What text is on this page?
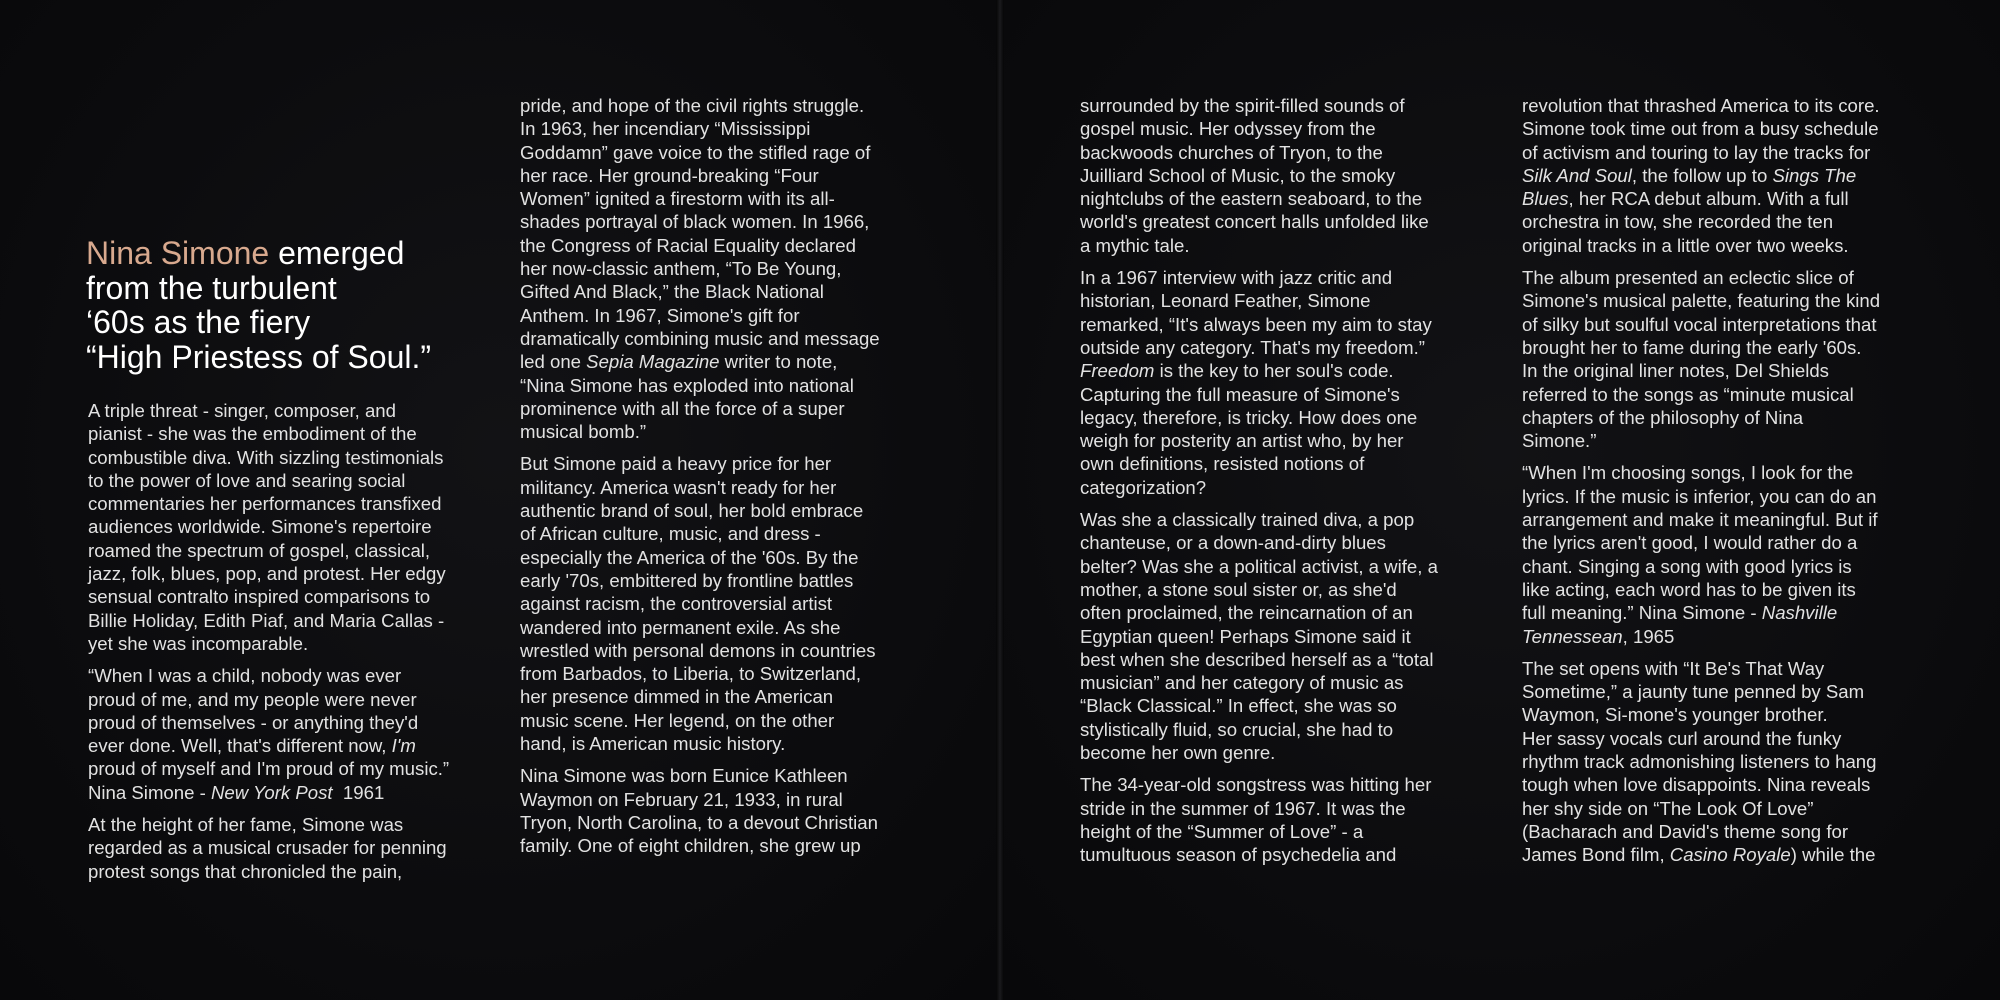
Nina Simone emerged
from the turbulent
‘60s as the fiery
“High Priestess of Soul.”

A triple threat - singer, composer, and
pianist - she was the embodiment of the
combustible diva. With sizzling testimonials
to the power of love and searing social
commentaries her performances transfixed
audiences worldwide. Simone's repertoire
roamed the spectrum of gospel, classical,
jazz, folk, blues, pop, and protest. Her edgy
sensual contralto inspired comparisons to
Billie Holiday, Edith Piaf, and Maria Callas -
yet she was incomparable.

“When I was a child, nobody was ever
proud of me, and my people were never
proud of themselves - or anything they'd
ever done. Well, that's different now, I'm
proud of myself and I'm proud of my music.”
Nina Simone - New York Post  1961

At the height of her fame, Simone was
regarded as a musical crusader for penning
protest songs that chronicled the pain,

pride, and hope of the civil rights struggle.
In 1963, her incendiary “Mississippi
Goddamn” gave voice to the stifled rage of
her race. Her ground-breaking “Four
Women” ignited a firestorm with its all-
shades portrayal of black women. In 1966,
the Congress of Racial Equality declared
her now-classic anthem, “To Be Young,
Gifted And Black,” the Black National
Anthem. In 1967, Simone's gift for
dramatically combining music and message
led one Sepia Magazine writer to note,
“Nina Simone has exploded into national
prominence with all the force of a super
musical bomb.”

But Simone paid a heavy price for her
militancy. America wasn't ready for her
authentic brand of soul, her bold embrace
of African culture, music, and dress -
especially the America of the '60s. By the
early '70s, embittered by frontline battles
against racism, the controversial artist
wandered into permanent exile. As she
wrestled with personal demons in countries
from Barbados, to Liberia, to Switzerland,
her presence dimmed in the American
music scene. Her legend, on the other
hand, is American music history.

Nina Simone was born Eunice Kathleen
Waymon on February 21, 1933, in rural
Tryon, North Carolina, to a devout Christian
family. One of eight children, she grew up

surrounded by the spirit-filled sounds of
gospel music. Her odyssey from the
backwoods churches of Tryon, to the
Juilliard School of Music, to the smoky
nightclubs of the eastern seaboard, to the
world's greatest concert halls unfolded like
a mythic tale.

In a 1967 interview with jazz critic and
historian, Leonard Feather, Simone
remarked, “It's always been my aim to stay
outside any category. That's my freedom.”
Freedom is the key to her soul's code.
Capturing the full measure of Simone's
legacy, therefore, is tricky. How does one
weigh for posterity an artist who, by her
own definitions, resisted notions of
categorization?

Was she a classically trained diva, a pop
chanteuse, or a down-and-dirty blues
belter? Was she a political activist, a wife, a
mother, a stone soul sister or, as she'd
often proclaimed, the reincarnation of an
Egyptian queen! Perhaps Simone said it
best when she described herself as a “total
musician” and her category of music as
“Black Classical.” In effect, she was so
stylistically fluid, so crucial, she had to
become her own genre.

The 34-year-old songstress was hitting her
stride in the summer of 1967. It was the
height of the “Summer of Love” - a
tumultuous season of psychedelia and

revolution that thrashed America to its core.
Simone took time out from a busy schedule
of activism and touring to lay the tracks for
Silk And Soul, the follow up to Sings The
Blues, her RCA debut album. With a full
orchestra in tow, she recorded the ten
original tracks in a little over two weeks.

The album presented an eclectic slice of
Simone's musical palette, featuring the kind
of silky but soulful vocal interpretations that
brought her to fame during the early '60s.
In the original liner notes, Del Shields
referred to the songs as “minute musical
chapters of the philosophy of Nina
Simone.”

“When I'm choosing songs, I look for the
lyrics. If the music is inferior, you can do an
arrangement and make it meaningful. But if
the lyrics aren't good, I would rather do a
chant. Singing a song with good lyrics is
like acting, each word has to be given its
full meaning.” Nina Simone - Nashville
Tennessean, 1965

The set opens with “It Be's That Way
Sometime,” a jaunty tune penned by Sam
Waymon, Si-mone's younger brother.
Her sassy vocals curl around the funky
rhythm track admonishing listeners to hang
tough when love disappoints. Nina reveals
her shy side on “The Look Of Love”
(Bacharach and David's theme song for
James Bond film, Casino Royale) while the
